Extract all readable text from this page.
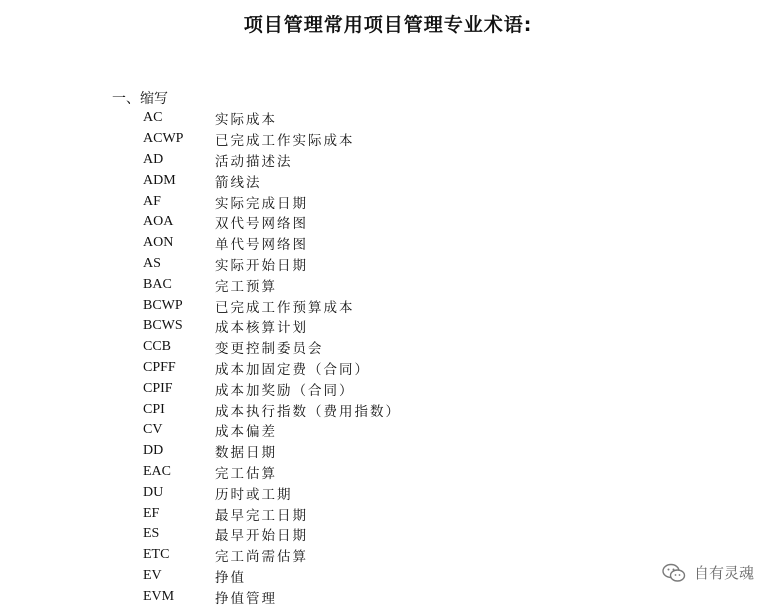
项目管理常用项目管理专业术语:

一、缩写

AC	实际成本
ACWP	已完成工作实际成本
AD	活动描述法
ADM	箭线法
AF	实际完成日期
AOA	双代号网络图
AON	单代号网络图
AS	实际开始日期
BAC	完工预算
BCWP	已完成工作预算成本
BCWS	成本核算计划
CCB	变更控制委员会
CPFF	成本加固定费（合同）
CPIF	成本加奖励（合同）
CPI	成本执行指数（费用指数）
CV	成本偏差
DD	数据日期
EAC	完工估算
DU	历时或工期
EF	最早完工日期
ES	最早开始日期
ETC	完工尚需估算
EV	挣值
EVM	挣值管理
自有灵魂
